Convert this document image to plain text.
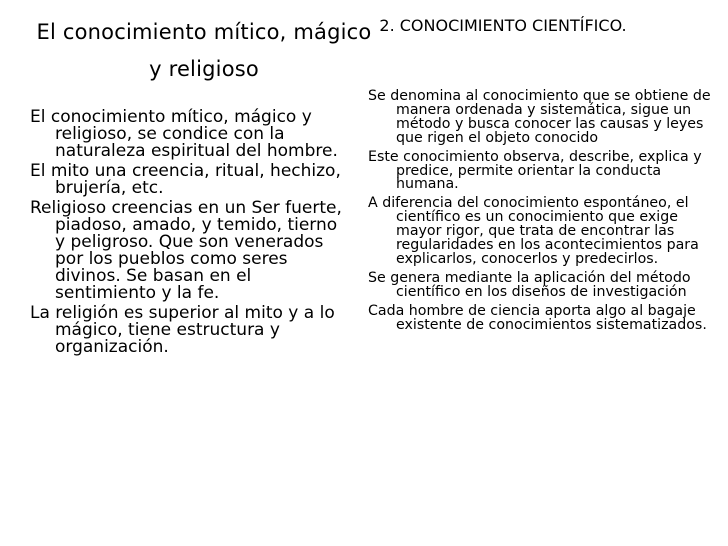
El conocimiento mítico, mágico y religioso

El conocimiento mítico, mágico y religioso, se condice con la naturaleza espiritual del hombre.

El mito una creencia, ritual, hechizo, brujería, etc.

Religioso creencias en un Ser fuerte, piadoso, amado, y temido, tierno y peligroso. Que son venerados por los pueblos como seres divinos. Se basan en el sentimiento y la fe.

La religión es superior al mito y a lo mágico, tiene estructura y organización.

2. CONOCIMIENTO CIENTÍFICO.

Se denomina al conocimiento que se obtiene de manera ordenada y sistemática, sigue un método y busca conocer las causas y leyes que rigen el objeto conocido

Este conocimiento observa, describe, explica y predice, permite orientar la conducta humana.

A diferencia del conocimiento espontáneo, el científico es un conocimiento que exige mayor rigor, que trata de encontrar las regularidades en los acontecimientos para explicarlos, conocerlos y predecirlos.

Se genera mediante la aplicación del método científico en los diseños de investigación

Cada hombre de ciencia aporta algo al bagaje existente de conocimientos sistematizados.
